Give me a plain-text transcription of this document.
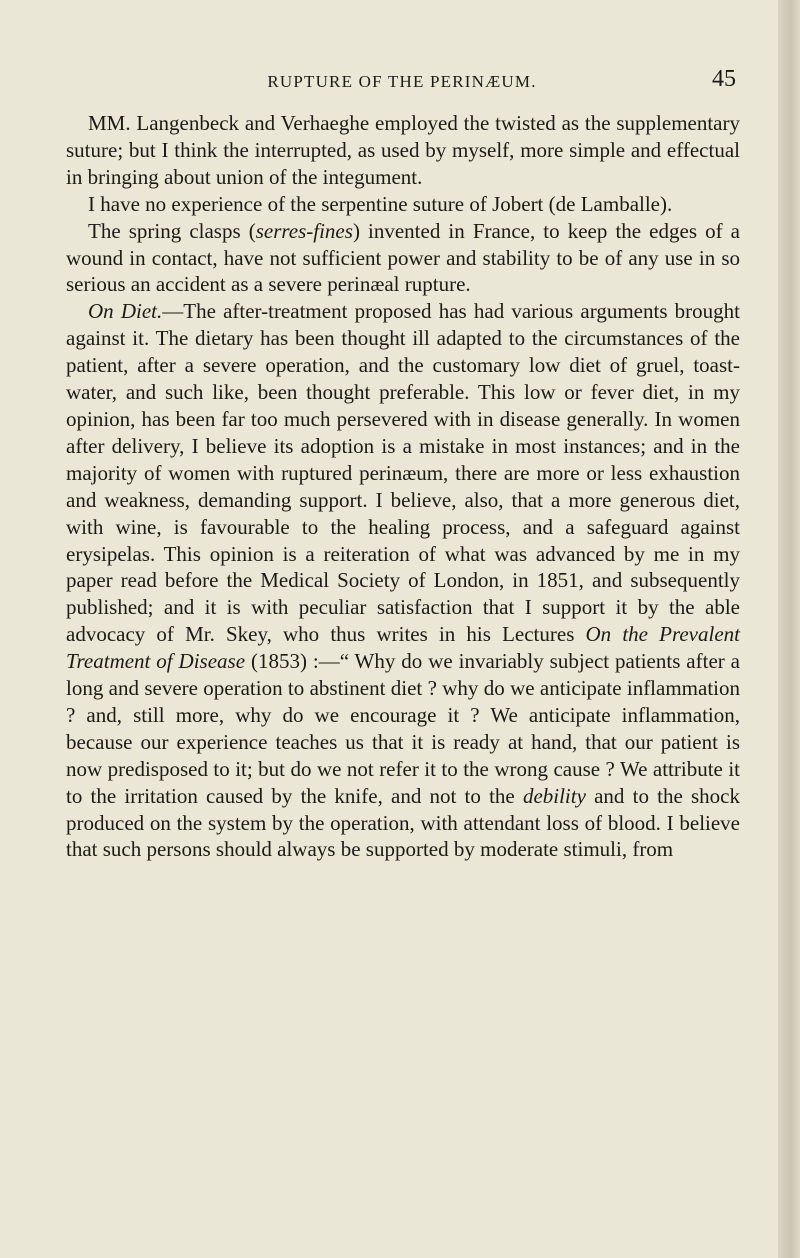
RUPTURE OF THE PERINÆUM.	45

MM. Langenbeck and Verhaeghe employed the twisted as the supplementary suture; but I think the interrupted, as used by myself, more simple and effectual in bringing about union of the integument.

I have no experience of the serpentine suture of Jobert (de Lamballe).

The spring clasps (serres-fines) invented in France, to keep the edges of a wound in contact, have not sufficient power and stability to be of any use in so serious an accident as a severe perinæal rupture.

On Diet.—The after-treatment proposed has had various arguments brought against it. The dietary has been thought ill adapted to the circumstances of the patient, after a severe operation, and the customary low diet of gruel, toast-water, and such like, been thought preferable. This low or fever diet, in my opinion, has been far too much persevered with in disease generally. In women after delivery, I believe its adoption is a mistake in most instances; and in the majority of women with ruptured perinæum, there are more or less exhaustion and weakness, demanding support. I believe, also, that a more generous diet, with wine, is favourable to the healing process, and a safeguard against erysipelas. This opinion is a reiteration of what was advanced by me in my paper read before the Medical Society of London, in 1851, and subsequently published; and it is with peculiar satisfaction that I support it by the able advocacy of Mr. Skey, who thus writes in his Lectures On the Prevalent Treatment of Disease (1853) :—“ Why do we invariably subject patients after a long and severe operation to abstinent diet ? why do we anticipate inflammation ? and, still more, why do we encourage it ? We anticipate inflammation, because our experience teaches us that it is ready at hand, that our patient is now predisposed to it; but do we not refer it to the wrong cause ? We attribute it to the irritation caused by the knife, and not to the debility and to the shock produced on the system by the operation, with attendant loss of blood. I believe that such persons should always be supported by moderate stimuli, from
